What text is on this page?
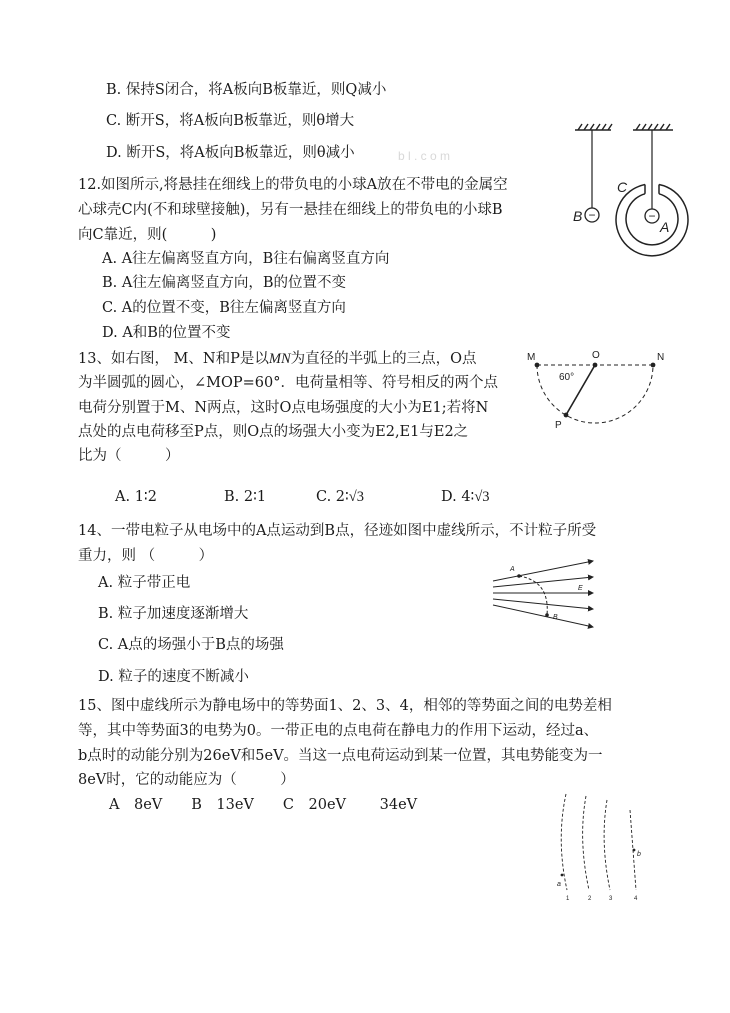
B. 保持S闭合，将A板向B板靠近，则Q减小
C. 断开S，将A板向B板靠近，则θ增大
D. 断开S，将A板向B板靠近，则θ减小	b l . c o m
12.如图所示,将悬挂在细线上的带负电的小球A放在不带电的金属空
心球壳C内(不和球壁接触)，另有一悬挂在细线上的带负电的小球B
向C靠近，则(　　　)
A. A往左偏离竖直方向，B往右偏离竖直方向
B. A往左偏离竖直方向，B的位置不变
C. A的位置不变，B往左偏离竖直方向
D. A和B的位置不变
−
B	−
C
A
13、如右图， M、N和P是以MN为直径的半弧上的三点，O点
为半圆弧的圆心，∠MOP=60°．电荷量相等、符号相反的两个点
电荷分别置于M、N两点，这时O点电场强度的大小为E1;若将N
点处的点电荷移至P点，则O点的场强大小变为E2,E1与E2之
比为（　　　）
A. 1∶2	B. 2∶1	C. 2∶√3	D. 4∶√3
M	O	N
P
60°
14、一带电粒子从电场中的A点运动到B点，径迹如图中虚线所示，不计粒子所受
重力，则 （　　　）
A. 粒子带正电
B. 粒子加速度逐渐增大
C. A点的场强小于B点的场强
D. 粒子的速度不断减小
A
B
E
15、图中虚线所示为静电场中的等势面1、2、3、4，相邻的等势面之间的电势差相
等，其中等势面3的电势为0。一带正电的点电荷在静电力的作用下运动，经过a、
b点时的动能分别为26eV和5eV。当这一点电荷运动到某一位置，其电势能变为一
8eV时，它的动能应为（　　　）
A　8eV　　B　13eV　　C　20eV　　 34eV
a
b
1	2	3	4
